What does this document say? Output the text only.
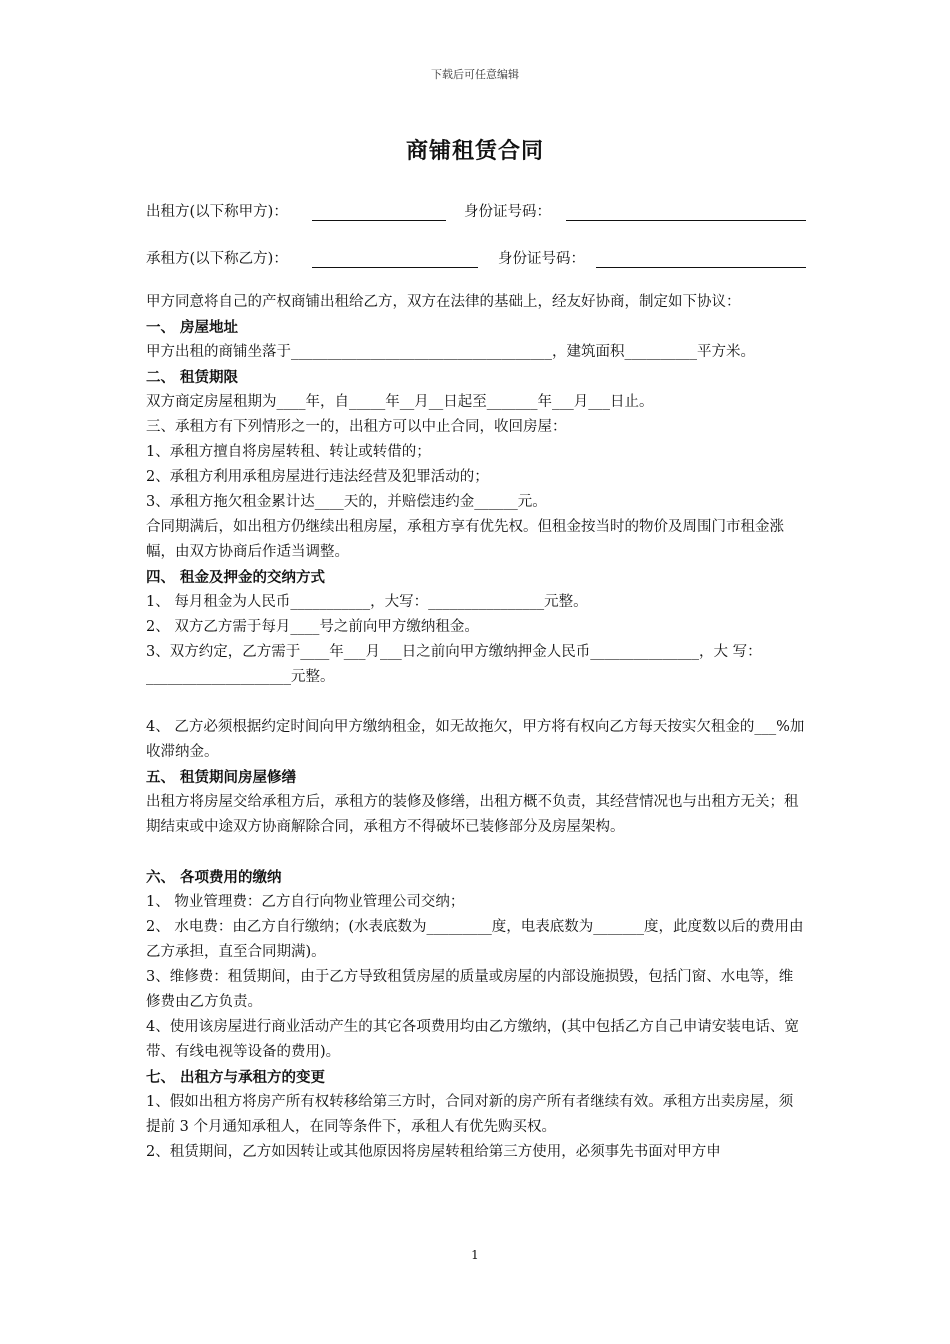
下载后可任意编辑
商铺租赁合同
出租方(以下称甲方)：	身份证号码：
承租方(以下称乙方)：	身份证号码：

甲方同意将自己的产权商铺出租给乙方，双方在法律的基础上，经友好协商，制定如下协议：

一、 房屋地址

甲方出租的商铺坐落于____________________________________，建筑面积__________平方米。

二、 租赁期限

双方商定房屋租期为____年，自_____年__月__日起至_______年___月___日止。

三、承租方有下列情形之一的，出租方可以中止合同，收回房屋：

1、承租方擅自将房屋转租、转让或转借的；

2、承租方利用承租房屋进行违法经营及犯罪活动的；

3、承租方拖欠租金累计达____天的，并赔偿违约金______元。

合同期满后，如出租方仍继续出租房屋，承租方享有优先权。但租金按当时的物价及周围门市租金涨幅，由双方协商后作适当调整。

四、 租金及押金的交纳方式

1、 每月租金为人民币___________，大写：________________元整。

2、 双方乙方需于每月____号之前向甲方缴纳租金。

3、双方约定，乙方需于____年___月___日之前向甲方缴纳押金人民币_______________，大 写：____________________元整。

4、 乙方必须根据约定时间向甲方缴纳租金，如无故拖欠，甲方将有权向乙方每天按实欠租金的___%加收滞纳金。

五、 租赁期间房屋修缮

出租方将房屋交给承租方后，承租方的装修及修缮，出租方概不负责，其经营情况也与出租方无关；租期结束或中途双方协商解除合同，承租方不得破坏已装修部分及房屋架构。

六、 各项费用的缴纳

1、 物业管理费：乙方自行向物业管理公司交纳；

2、 水电费：由乙方自行缴纳；(水表底数为_________度，电表底数为_______度，此度数以后的费用由乙方承担，直至合同期满)。

3、维修费：租赁期间，由于乙方导致租赁房屋的质量或房屋的内部设施损毁，包括门窗、水电等，维修费由乙方负责。

4、使用该房屋进行商业活动产生的其它各项费用均由乙方缴纳，(其中包括乙方自己申请安装电话、宽带、有线电视等设备的费用)。

七、 出租方与承租方的变更

1、假如出租方将房产所有权转移给第三方时，合同对新的房产所有者继续有效。承租方出卖房屋，须提前 3 个月通知承租人，在同等条件下，承租人有优先购买权。

2、租赁期间，乙方如因转让或其他原因将房屋转租给第三方使用，必须事先书面对甲方申

1
